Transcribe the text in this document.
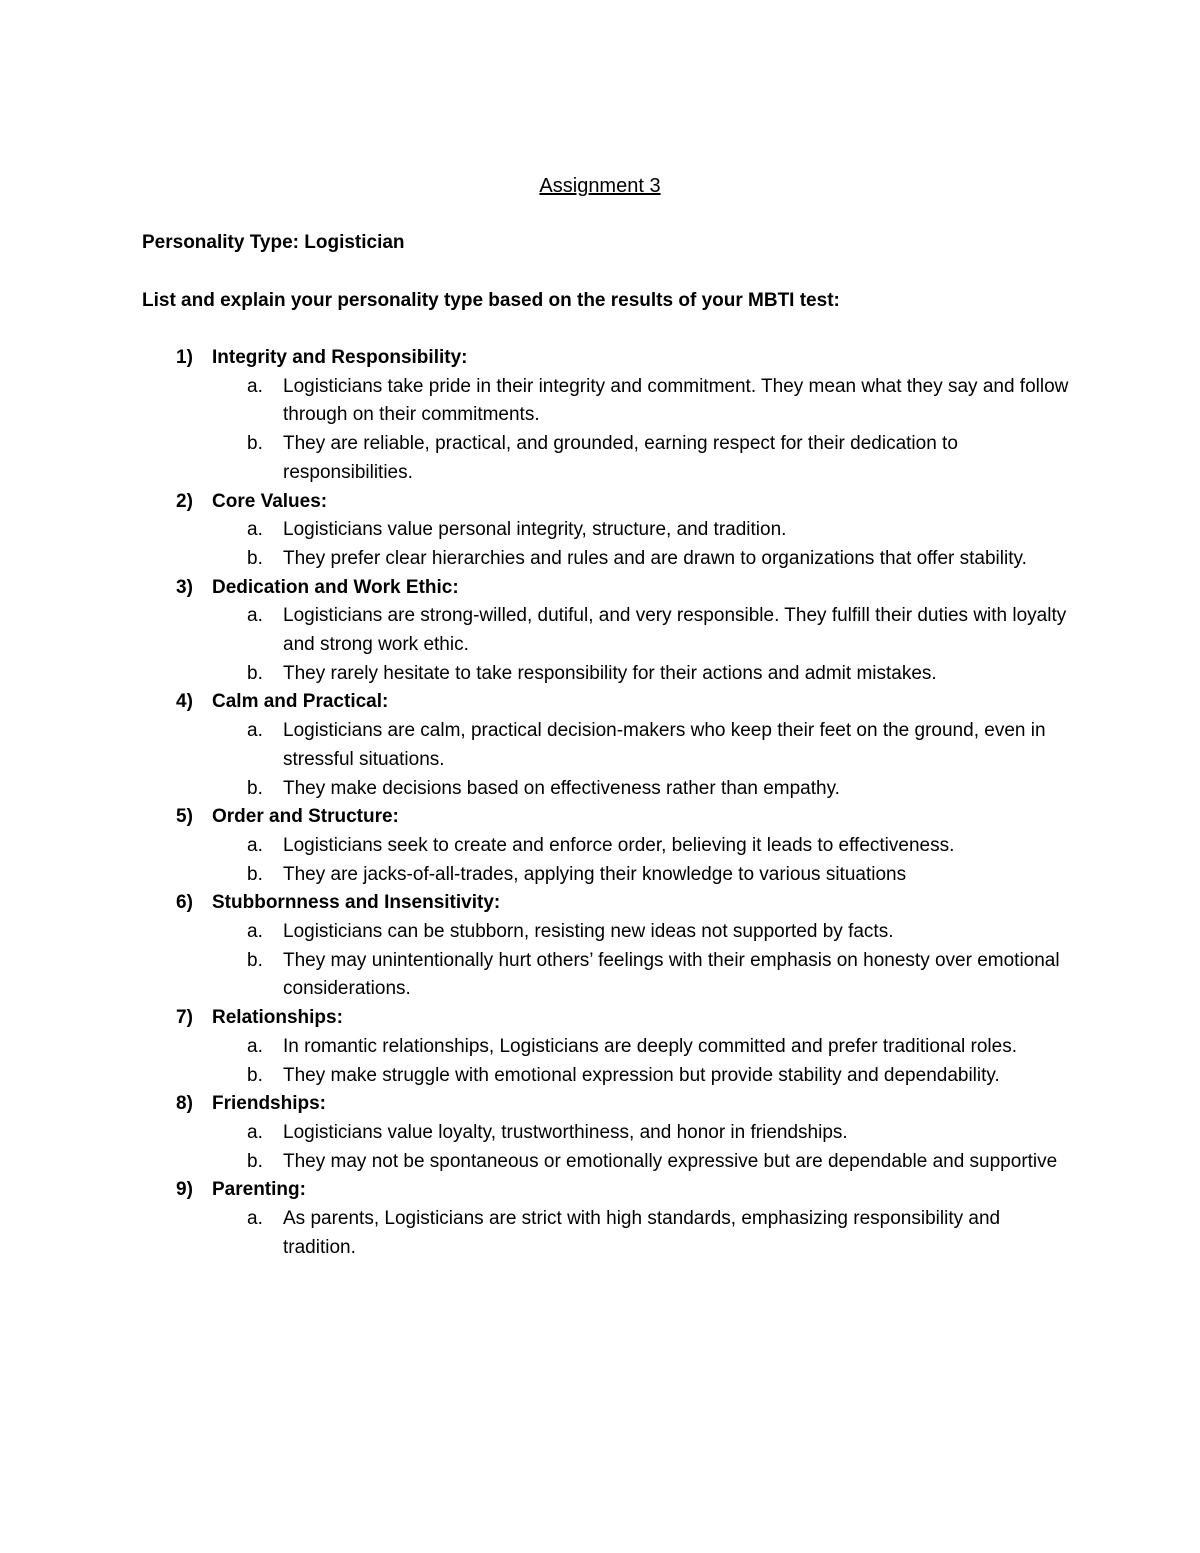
Assignment 3
Personality Type: Logistician
List and explain your personality type based on the results of your MBTI test:
1) Integrity and Responsibility:
a. Logisticians take pride in their integrity and commitment. They mean what they say and follow through on their commitments.
b. They are reliable, practical, and grounded, earning respect for their dedication to responsibilities.
2) Core Values:
a. Logisticians value personal integrity, structure, and tradition.
b. They prefer clear hierarchies and rules and are drawn to organizations that offer stability.
3) Dedication and Work Ethic:
a. Logisticians are strong-willed, dutiful, and very responsible. They fulfill their duties with loyalty and strong work ethic.
b. They rarely hesitate to take responsibility for their actions and admit mistakes.
4) Calm and Practical:
a. Logisticians are calm, practical decision-makers who keep their feet on the ground, even in stressful situations.
b. They make decisions based on effectiveness rather than empathy.
5) Order and Structure:
a. Logisticians seek to create and enforce order, believing it leads to effectiveness.
b. They are jacks-of-all-trades, applying their knowledge to various situations
6) Stubbornness and Insensitivity:
a. Logisticians can be stubborn, resisting new ideas not supported by facts.
b. They may unintentionally hurt others’ feelings with their emphasis on honesty over emotional considerations.
7) Relationships:
a. In romantic relationships, Logisticians are deeply committed and prefer traditional roles.
b. They make struggle with emotional expression but provide stability and dependability.
8) Friendships:
a. Logisticians value loyalty, trustworthiness, and honor in friendships.
b. They may not be spontaneous or emotionally expressive but are dependable and supportive
9) Parenting:
a. As parents, Logisticians are strict with high standards, emphasizing responsibility and tradition.
